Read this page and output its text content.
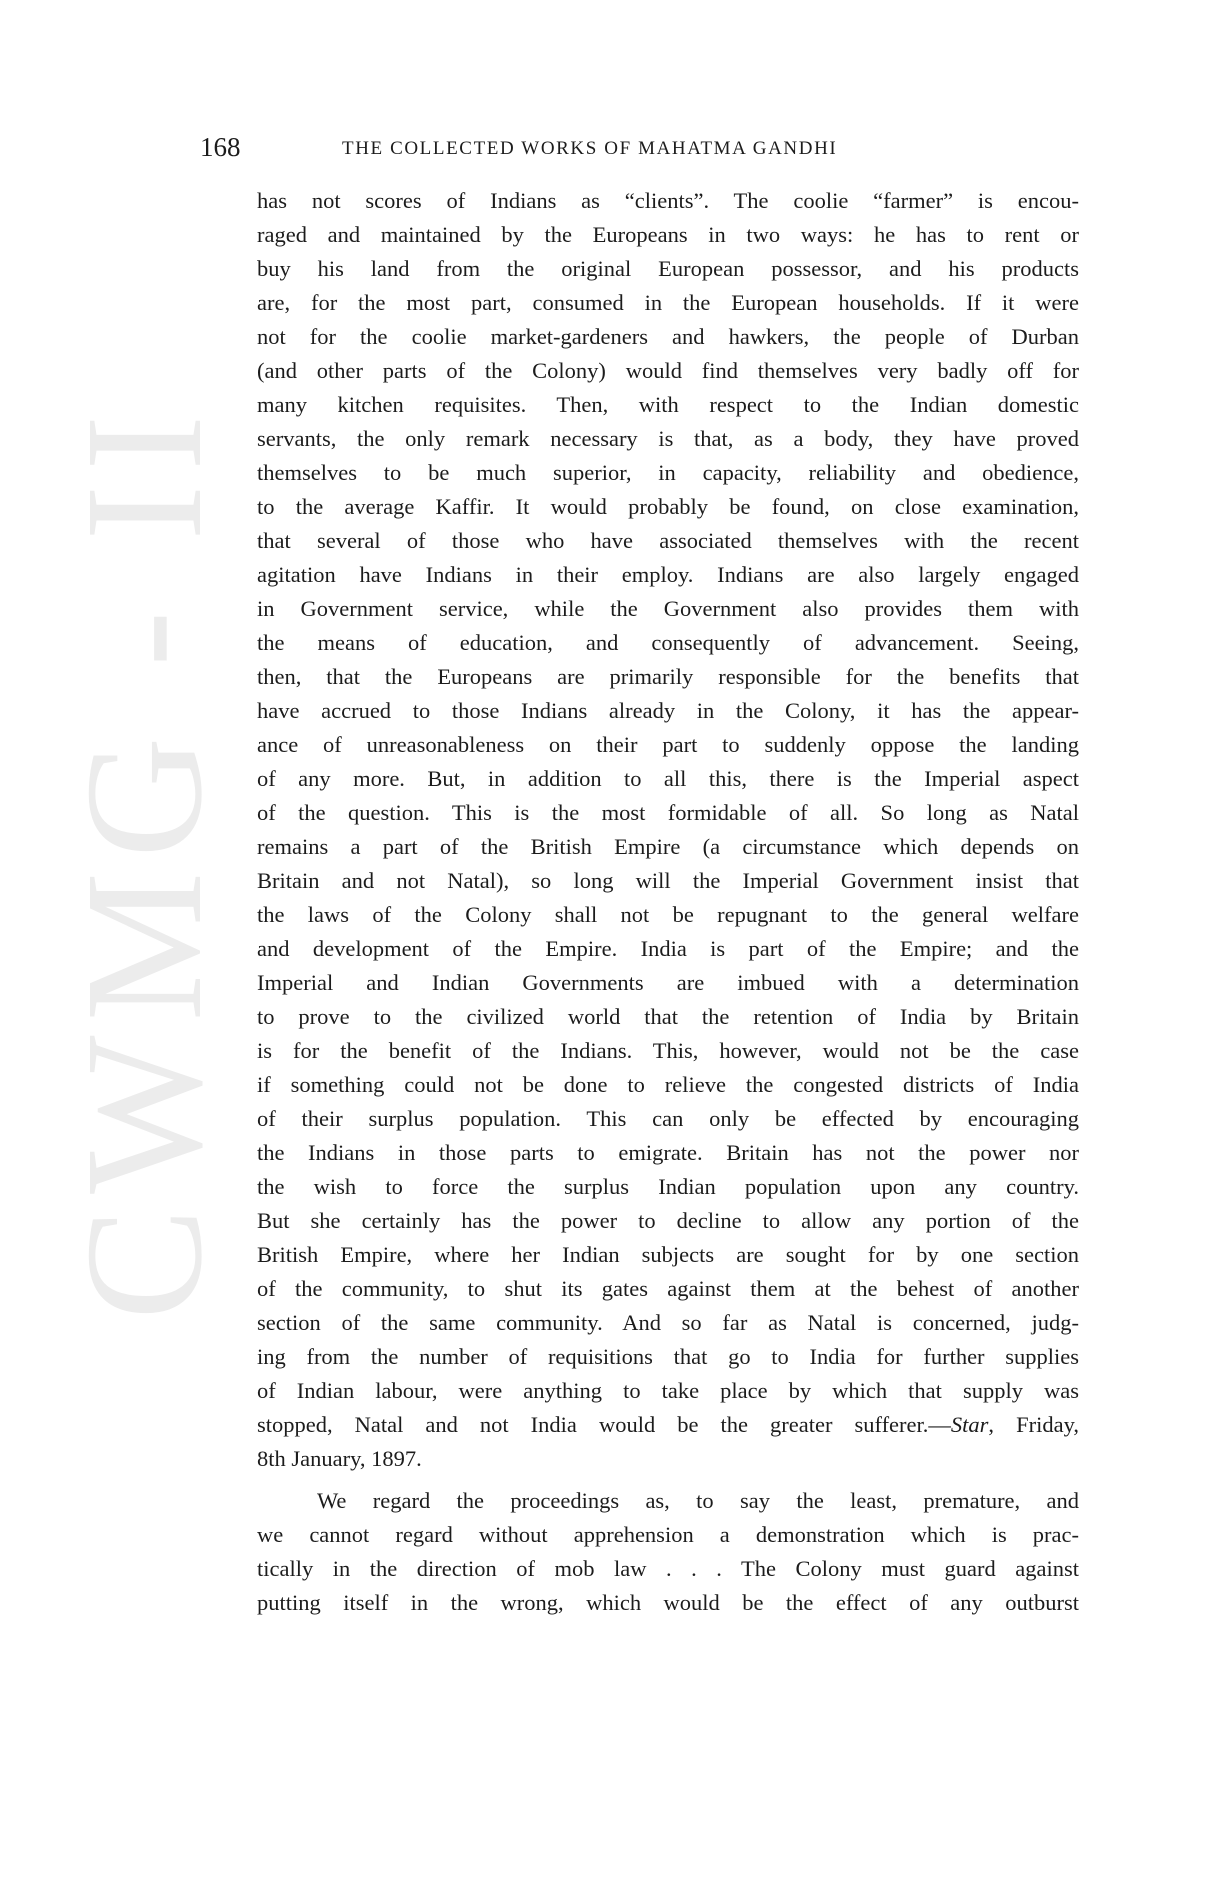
CWMG - II
168	THE COLLECTED WORKS OF MAHATMA GANDHI

has not scores of Indians as “clients”. The coolie “farmer” is encou-
raged and maintained by the Europeans in two ways: he has to rent or
buy his land from the original European possessor, and his products
are, for the most part, consumed in the European households. If it were
not for the coolie market-gardeners and hawkers, the people of Durban
(and other parts of the Colony) would find themselves very badly off for
many kitchen requisites. Then, with respect to the Indian domestic
servants, the only remark necessary is that, as a body, they have proved
themselves to be much superior, in capacity, reliability and obedience,
to the average Kaffir. It would probably be found, on close examination,
that several of those who have associated themselves with the recent
agitation have Indians in their employ. Indians are also largely engaged
in Government service, while the Government also provides them with
the means of education, and consequently of advancement. Seeing,
then, that the Europeans are primarily responsible for the benefits that
have accrued to those Indians already in the Colony, it has the appear-
ance of unreasonableness on their part to suddenly oppose the landing
of any more. But, in addition to all this, there is the Imperial aspect
of the question. This is the most formidable of all. So long as Natal
remains a part of the British Empire (a circumstance which depends on
Britain and not Natal), so long will the Imperial Government insist that
the laws of the Colony shall not be repugnant to the general welfare
and development of the Empire. India is part of the Empire; and the
Imperial and Indian Governments are imbued with a determination
to prove to the civilized world that the retention of India by Britain
is for the benefit of the Indians. This, however, would not be the case
if something could not be done to relieve the congested districts of India
of their surplus population. This can only be effected by encouraging
the Indians in those parts to emigrate. Britain has not the power nor
the wish to force the surplus Indian population upon any country.
But she certainly has the power to decline to allow any portion of the
British Empire, where her Indian subjects are sought for by one section
of the community, to shut its gates against them at the behest of another
section of the same community. And so far as Natal is concerned, judg-
ing from the number of requisitions that go to India for further supplies
of Indian labour, were anything to take place by which that supply was

stopped, Natal and not India would be the greater sufferer.—Star, Friday,
8th January, 1897.
We regard the proceedings as, to say the least, premature, and
we cannot regard without apprehension a demonstration which is prac-
tically in the direction of mob law . . . The Colony must guard against
putting itself in the wrong, which would be the effect of any outburst
